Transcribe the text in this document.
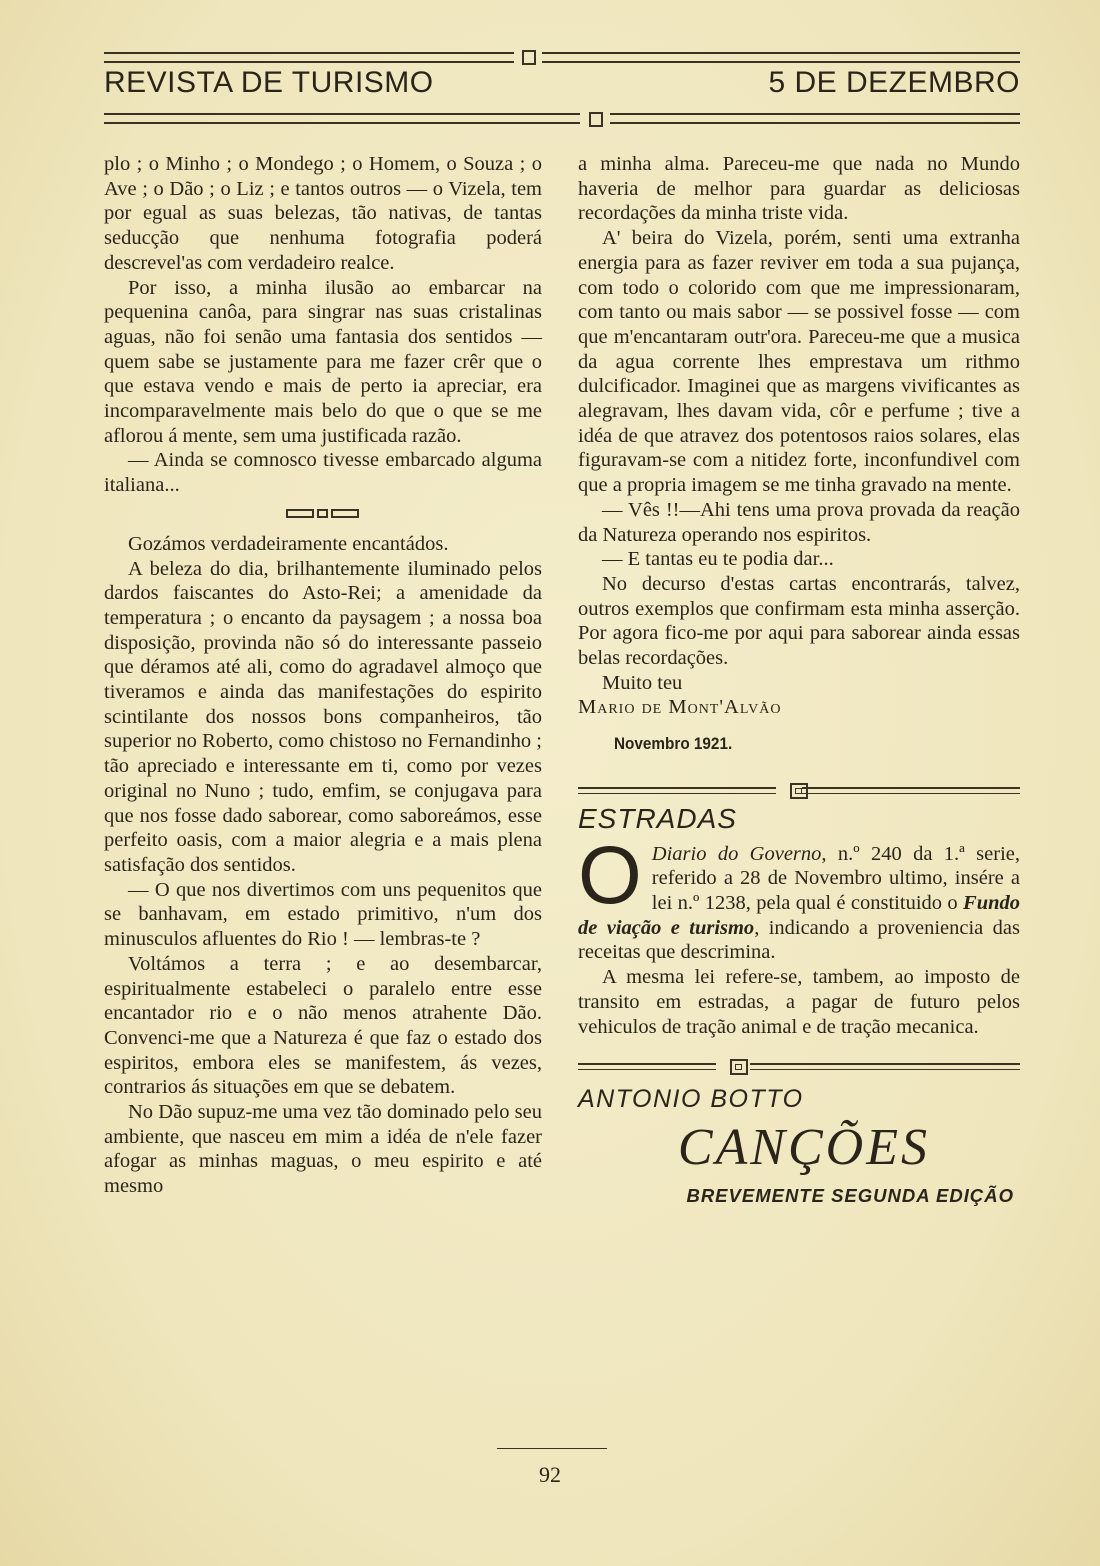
REVISTA DE TURISMO	5 DE DEZEMBRO

plo ; o Minho ; o Mondego ; o Homem, o Souza ; o Ave ; o Dão ; o Liz ; e tantos outros — o Vizela, tem por egual as suas belezas, tão nativas, de tantas seducção que nenhuma fotografia poderá descrevel'as com verdadeiro realce.

Por isso, a minha ilusão ao embarcar na pequenina canôa, para singrar nas suas cristalinas aguas, não foi senão uma fantasia dos sentidos — quem sabe se justamente para me fazer crêr que o que estava vendo e mais de perto ia apreciar, era incomparavelmente mais belo do que o que se me aflorou á mente, sem uma justificada razão.

— Ainda se comnosco tivesse embarcado alguma italiana...

Gozámos verdadeiramente encantádos.

A beleza do dia, brilhantemente iluminado pelos dardos faiscantes do Asto-Rei; a amenidade da temperatura ; o encanto da paysagem ; a nossa boa disposição, provinda não só do interessante passeio que déramos até ali, como do agradavel almoço que tiveramos e ainda das manifestações do espirito scintilante dos nossos bons companheiros, tão superior no Roberto, como chistoso no Fernandinho ; tão apreciado e interessante em ti, como por vezes original no Nuno ; tudo, emfim, se conjugava para que nos fosse dado saborear, como saboreámos, esse perfeito oasis, com a maior alegria e a mais plena satisfação dos sentidos.

— O que nos divertimos com uns pequenitos que se banhavam, em estado primitivo, n'um dos minusculos afluentes do Rio ! — lembras-te ?

Voltámos a terra ; e ao desembarcar, espiritualmente estabeleci o paralelo entre esse encantador rio e o não menos atrahente Dão. Convenci-me que a Natureza é que faz o estado dos espiritos, embora eles se manifestem, ás vezes, contrarios ás situações em que se debatem.

No Dão supuz-me uma vez tão dominado pelo seu ambiente, que nasceu em mim a idéa de n'ele fazer afogar as minhas maguas, o meu espirito e até mesmo

a minha alma. Pareceu-me que nada no Mundo haveria de melhor para guardar as deliciosas recordações da minha triste vida.

A' beira do Vizela, porém, senti uma extranha energia para as fazer reviver em toda a sua pujança, com todo o colorido com que me impressionaram, com tanto ou mais sabor — se possivel fosse — com que m'encantaram outr'ora. Pareceu-me que a musica da agua corrente lhes emprestava um rithmo dulcificador. Imaginei que as margens vivificantes as alegravam, lhes davam vida, côr e perfume ; tive a idéa de que atravez dos potentosos raios solares, elas figuravam-se com a nitidez forte, inconfundivel com que a propria imagem se me tinha gravado na mente.

— Vês !!—Ahi tens uma prova provada da reação da Natureza operando nos espiritos.

— E tantas eu te podia dar...

No decurso d'estas cartas encontrarás, talvez, outros exemplos que confirmam esta minha asserção. Por agora fico-me por aqui para saborear ainda essas belas recordações.

Muito teu

Mario de Mont'Alvão

Novembro 1921.
ESTRADAS

O Diario do Governo, n.º 240 da 1.ª serie, referido a 28 de Novembro ultimo, insére a lei n.º 1238, pela qual é constituido o Fundo de viação e turismo, indicando a proveniencia das receitas que descrimina.

A mesma lei refere-se, tambem, ao imposto de transito em estradas, a pagar de futuro pelos vehiculos de tração animal e de tração mecanica.

ANTONIO BOTTO
CANÇÕES
BREVEMENTE SEGUNDA EDIÇÃO
92
